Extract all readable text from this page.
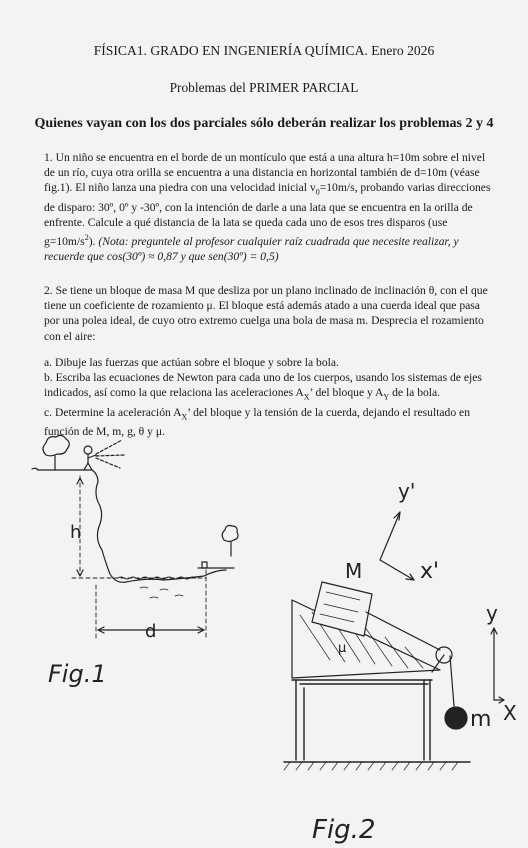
FÍSICA1. GRADO EN INGENIERÍA QUÍMICA. Enero 2026
Problemas del PRIMER PARCIAL
Quienes vayan con los dos parciales sólo deberán realizar los problemas 2 y 4
1. Un niño se encuentra en el borde de un montículo que está a una altura h=10m sobre el nivel de un río, cuya otra orilla se encuentra a una distancia en horizontal también de d=10m (véase fig.1). El niño lanza una piedra con una velocidad inicial $v_0=10m/s$, probando varias direcciones de disparo: 30º, 0º y -30º, con la intención de darle a una lata que se encuentra en la orilla de enfrente. Calcule a qué distancia de la lata se queda cada uno de esos tres disparos (use $g=10m/s^2$). (Nota: preguntele al profesor cualquier raíz cuadrada que necesite realizar, y recuerde que cos(30º) ≈ 0,87 y que sen(30º) = 0,5)
2. Se tiene un bloque de masa M que desliza por un plano inclinado de inclinación θ, con el que tiene un coeficiente de rozamiento μ. El bloque está además atado a una cuerda ideal que pasa por una polea ideal, de cuyo otro extremo cuelga una bola de masa m. Desprecia el rozamiento con el aire:
a. Dibuje las fuerzas que actúan sobre el bloque y sobre la bola.
b. Escriba las ecuaciones de Newton para cada uno de los cuerpos, usando los sistemas de ejes indicados, así como la que relaciona las aceleraciones $A_X$’ del bloque y $A_Y$ de la bola.
c. Determine la aceleración $A_X$’ del bloque y la tensión de la cuerda, dejando el resultado en función de M, m, g, θ y μ.
h
d
Fig.1
y'
x'
M
μ
y
X
m
Fig.2
